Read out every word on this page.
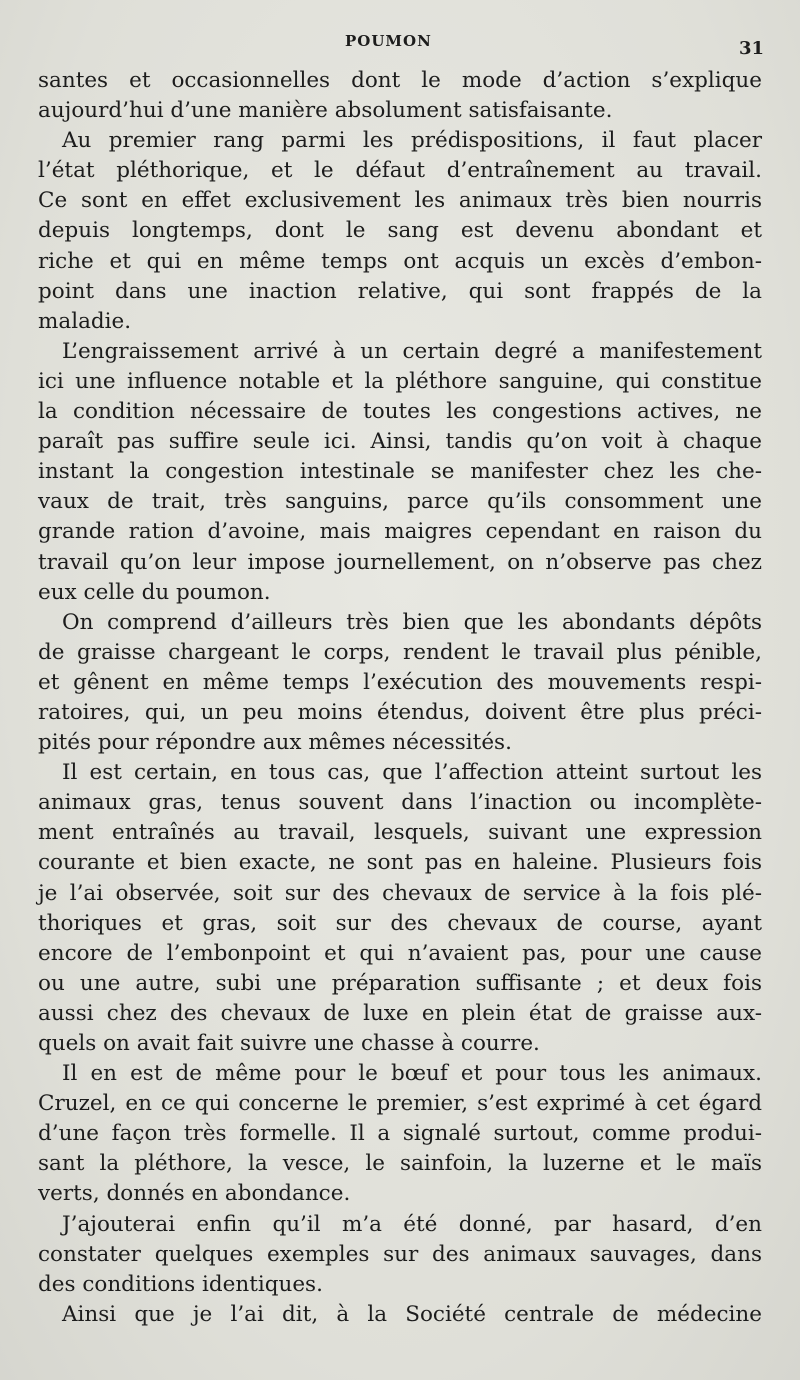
POUMON	31
santes et occasionnelles dont le mode d’action s’explique
aujourd’hui d’une manière absolument satisfaisante.
Au premier rang parmi les prédispositions, il faut placer
l’état pléthorique, et le défaut d’entraînement au travail.
Ce sont en effet exclusivement les animaux très bien nourris
depuis longtemps, dont le sang est devenu abondant et
riche et qui en même temps ont acquis un excès d’embon-
point dans une inaction relative, qui sont frappés de la
maladie.
L’engraissement arrivé à un certain degré a manifestement
ici une influence notable et la pléthore sanguine, qui constitue
la condition nécessaire de toutes les congestions actives, ne
paraît pas suffire seule ici. Ainsi, tandis qu’on voit à chaque
instant la congestion intestinale se manifester chez les che-
vaux de trait, très sanguins, parce qu’ils consomment une
grande ration d’avoine, mais maigres cependant en raison du
travail qu’on leur impose journellement, on n’observe pas chez
eux celle du poumon.
On comprend d’ailleurs très bien que les abondants dépôts
de graisse chargeant le corps, rendent le travail plus pénible,
et gênent en même temps l’exécution des mouvements respi-
ratoires, qui, un peu moins étendus, doivent être plus préci-
pités pour répondre aux mêmes nécessités.
Il est certain, en tous cas, que l’affection atteint surtout les
animaux gras, tenus souvent dans l’inaction ou incomplète-
ment entraînés au travail, lesquels, suivant une expression
courante et bien exacte, ne sont pas en haleine. Plusieurs fois
je l’ai observée, soit sur des chevaux de service à la fois plé-
thoriques et gras, soit sur des chevaux de course, ayant
encore de l’embonpoint et qui n’avaient pas, pour une cause
ou une autre, subi une préparation suffisante ; et deux fois
aussi chez des chevaux de luxe en plein état de graisse aux-
quels on avait fait suivre une chasse à courre.
Il en est de même pour le bœuf et pour tous les animaux.
Cruzel, en ce qui concerne le premier, s’est exprimé à cet égard
d’une façon très formelle. Il a signalé surtout, comme produi-
sant la pléthore, la vesce, le sainfoin, la luzerne et le maïs
verts, donnés en abondance.
J’ajouterai enfin qu’il m’a été donné, par hasard, d’en
constater quelques exemples sur des animaux sauvages, dans
des conditions identiques.
Ainsi que je l’ai dit, à la Société centrale de médecine
